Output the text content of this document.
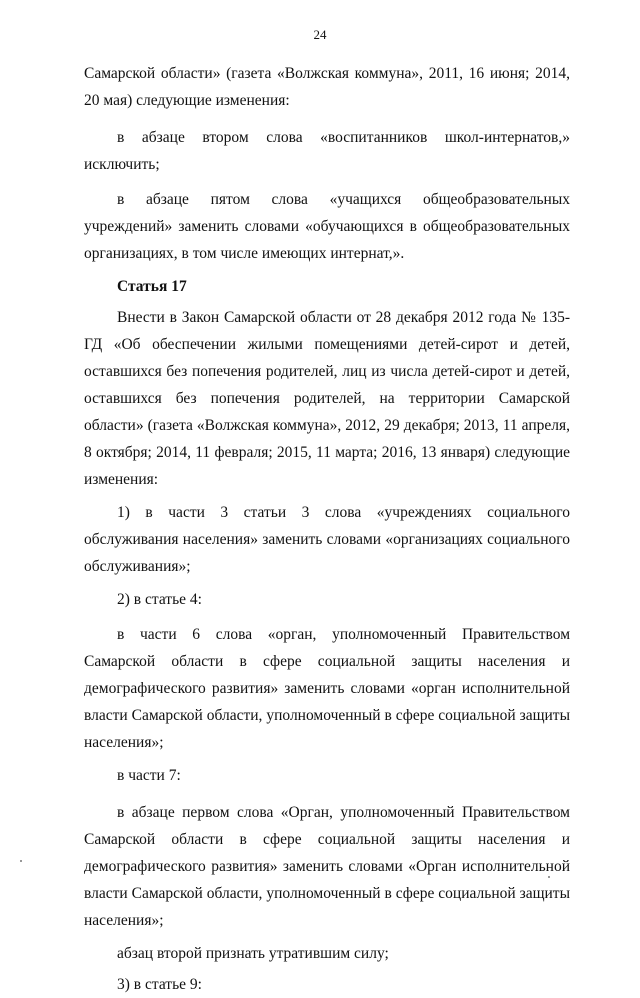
24

Самарской области» (газета «Волжская коммуна», 2011, 16 июня; 2014, 20 мая) следующие изменения:

в абзаце втором слова «воспитанников школ-интернатов,» исключить;

в абзаце пятом слова «учащихся общеобразовательных учреждений» заменить словами «обучающихся в общеобразовательных организациях, в том числе имеющих интернат,».

Статья 17

Внести в Закон Самарской области от 28 декабря 2012 года № 135-ГД «Об обеспечении жилыми помещениями детей-сирот и детей, оставшихся без попечения родителей, лиц из числа детей-сирот и детей, оставшихся без попечения родителей, на территории Самарской области» (газета «Волжская коммуна», 2012, 29 декабря; 2013, 11 апреля, 8 октября; 2014, 11 февраля; 2015, 11 марта; 2016, 13 января) следующие изменения:

1) в части 3 статьи 3 слова «учреждениях социального обслуживания населения» заменить словами «организациях социального обслуживания»;

2) в статье 4:

в части 6 слова «орган, уполномоченный Правительством Самарской области в сфере социальной защиты населения и демографического развития» заменить словами «орган исполнительной власти Самарской области, уполномоченный в сфере социальной защиты населения»;

в части 7:

в абзаце первом слова «Орган, уполномоченный Правительством Самарской области в сфере социальной защиты населения и демографического развития» заменить словами «Орган исполнительной власти Самарской области, уполномоченный в сфере социальной защиты населения»;

абзац второй признать утратившим силу;

3) в статье 9:
